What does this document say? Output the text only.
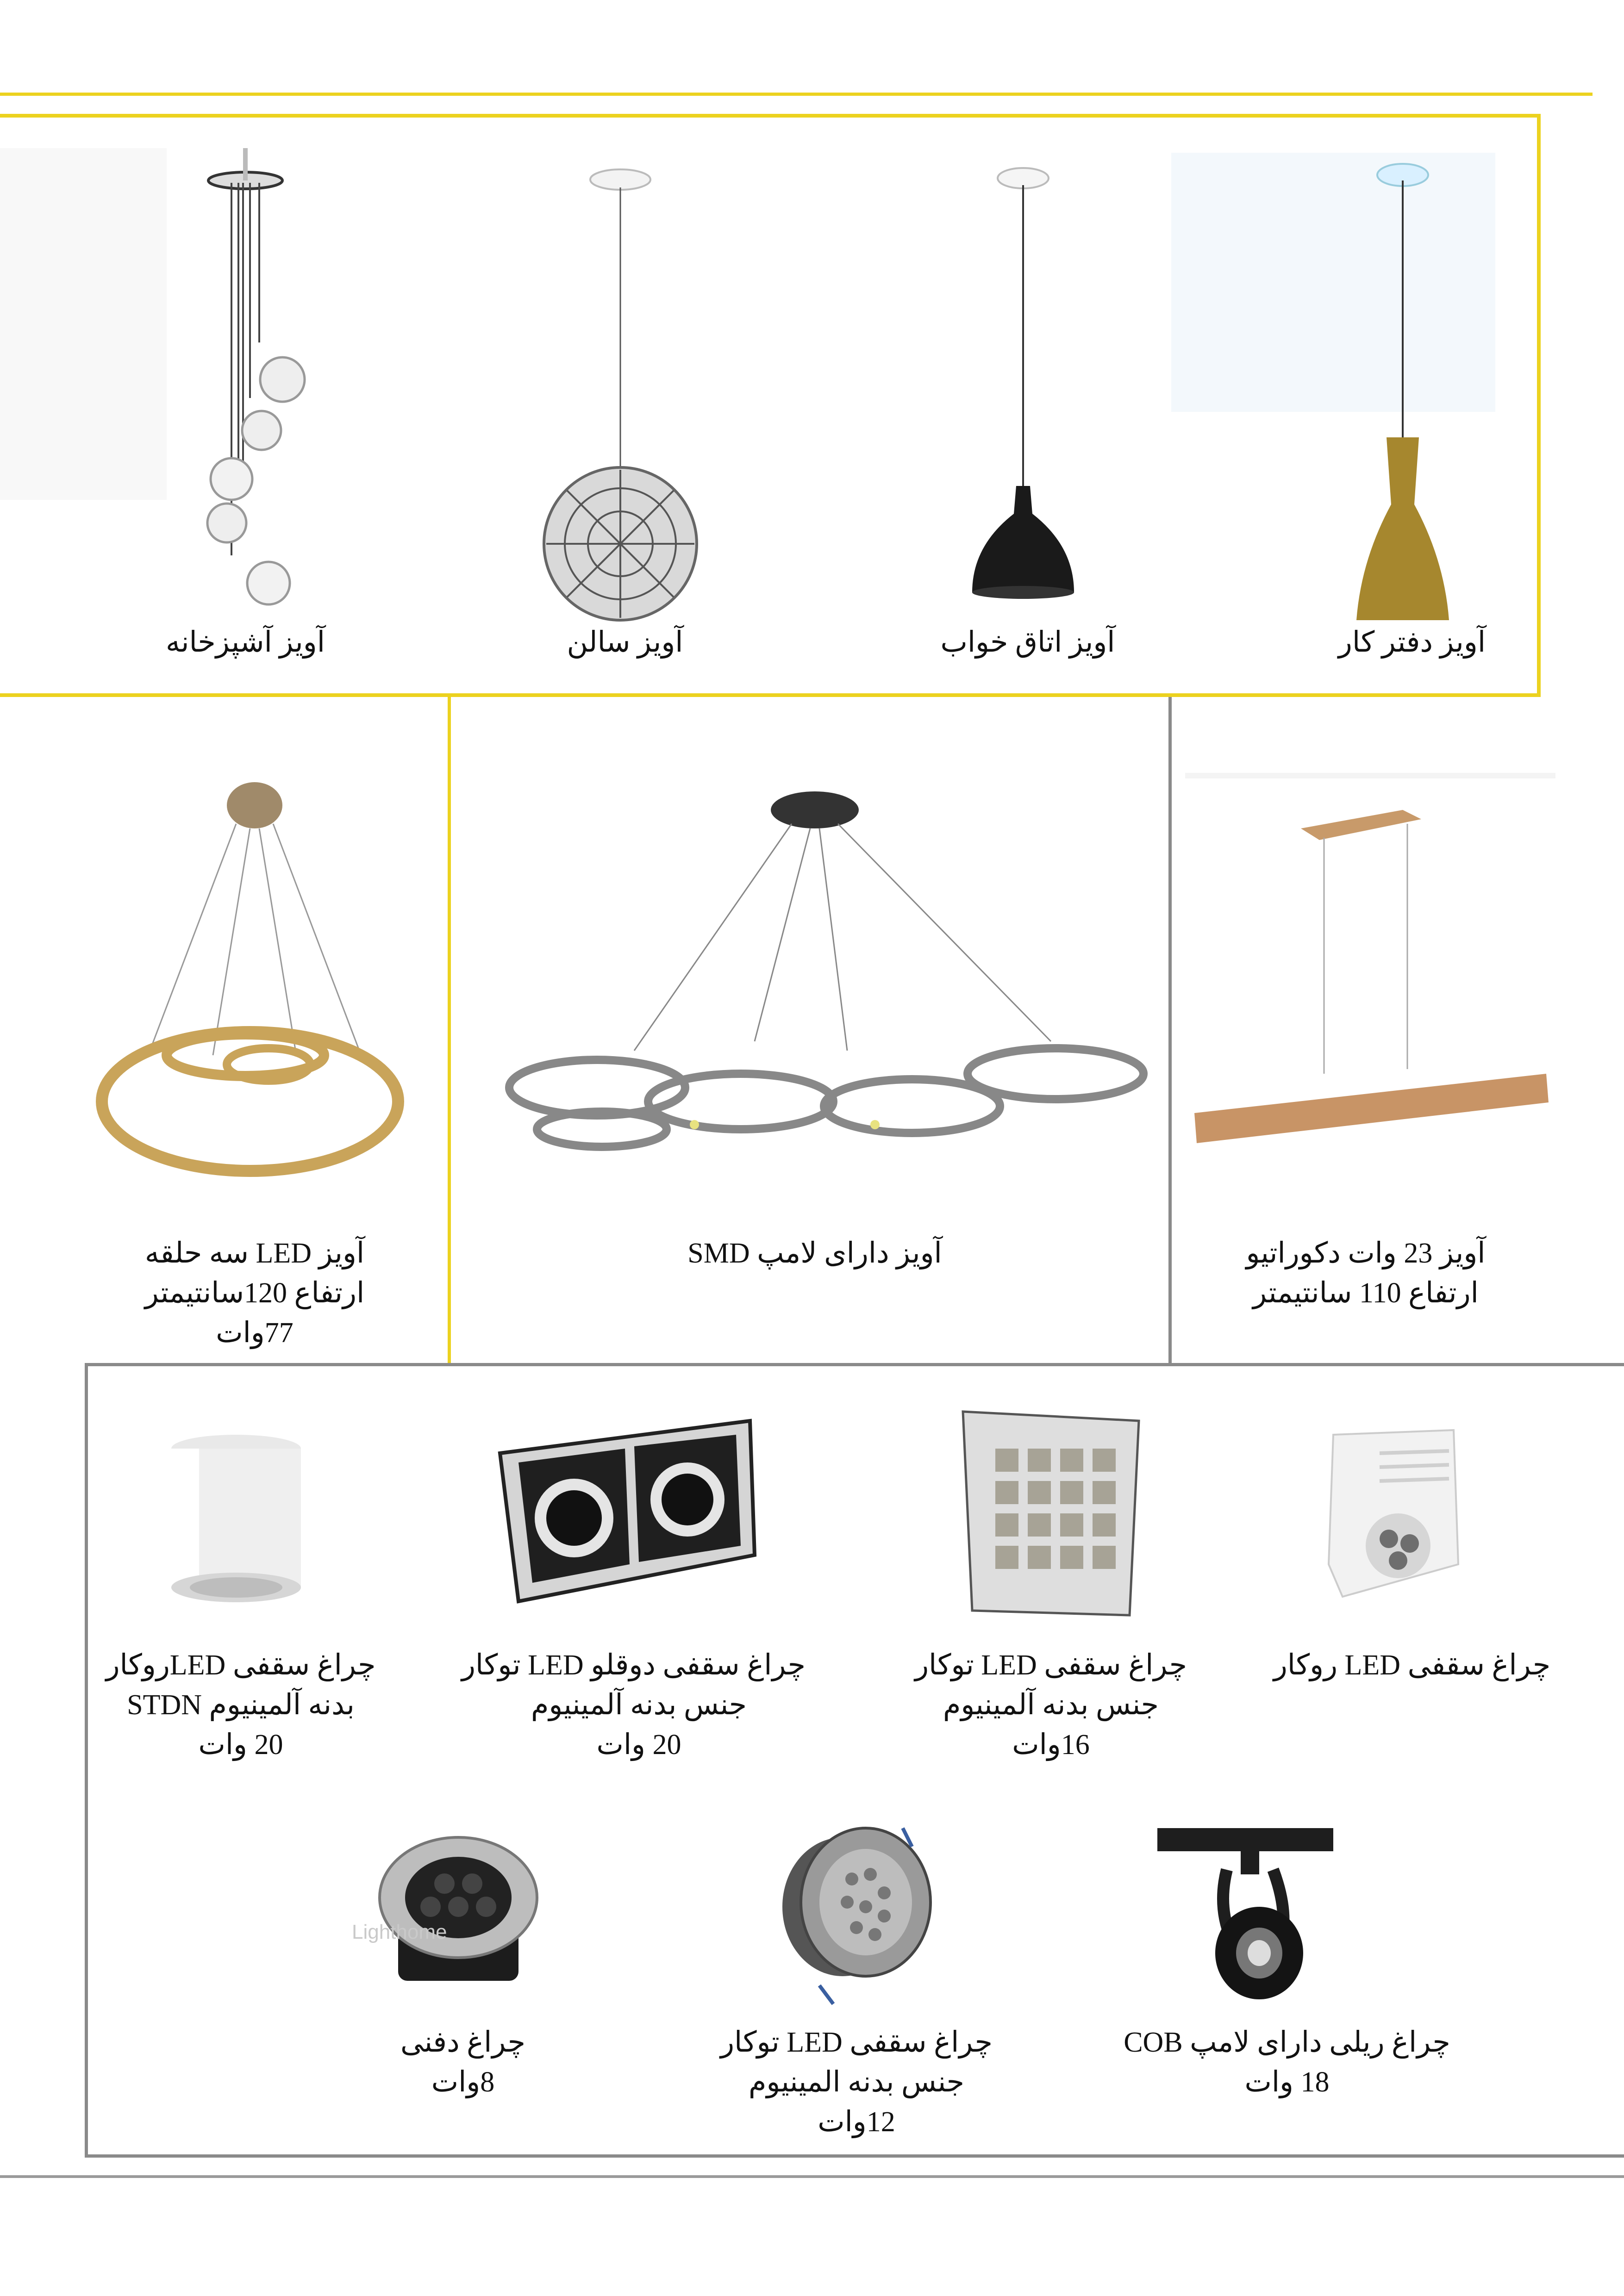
آویز آشپزخانه	آویز سالن	آویز اتاق خواب	آویز دفتر کار
آویز LED سه حلقه
ارتفاع 120سانتیمتر
77وات
آویز دارای لامپ SMD	آویز 23 وات دکوراتیو
ارتفاع 110 سانتیمتر
چراغ سقفی LEDروکار
بدنه آلمینیوم STDN
20 وات
چراغ سقفی دوقلو LED توکار
جنس بدنه آلمینیوم
20 وات
چراغ سقفی LED توکار
جنس بدنه آلمینیوم
16وات
چراغ سقفی LED روکار
Lighthome
چراغ دفنی
8وات
چراغ سقفی LED توکار
جنس بدنه المینیوم
12وات
چراغ ریلی دارای لامپ COB
18 وات
